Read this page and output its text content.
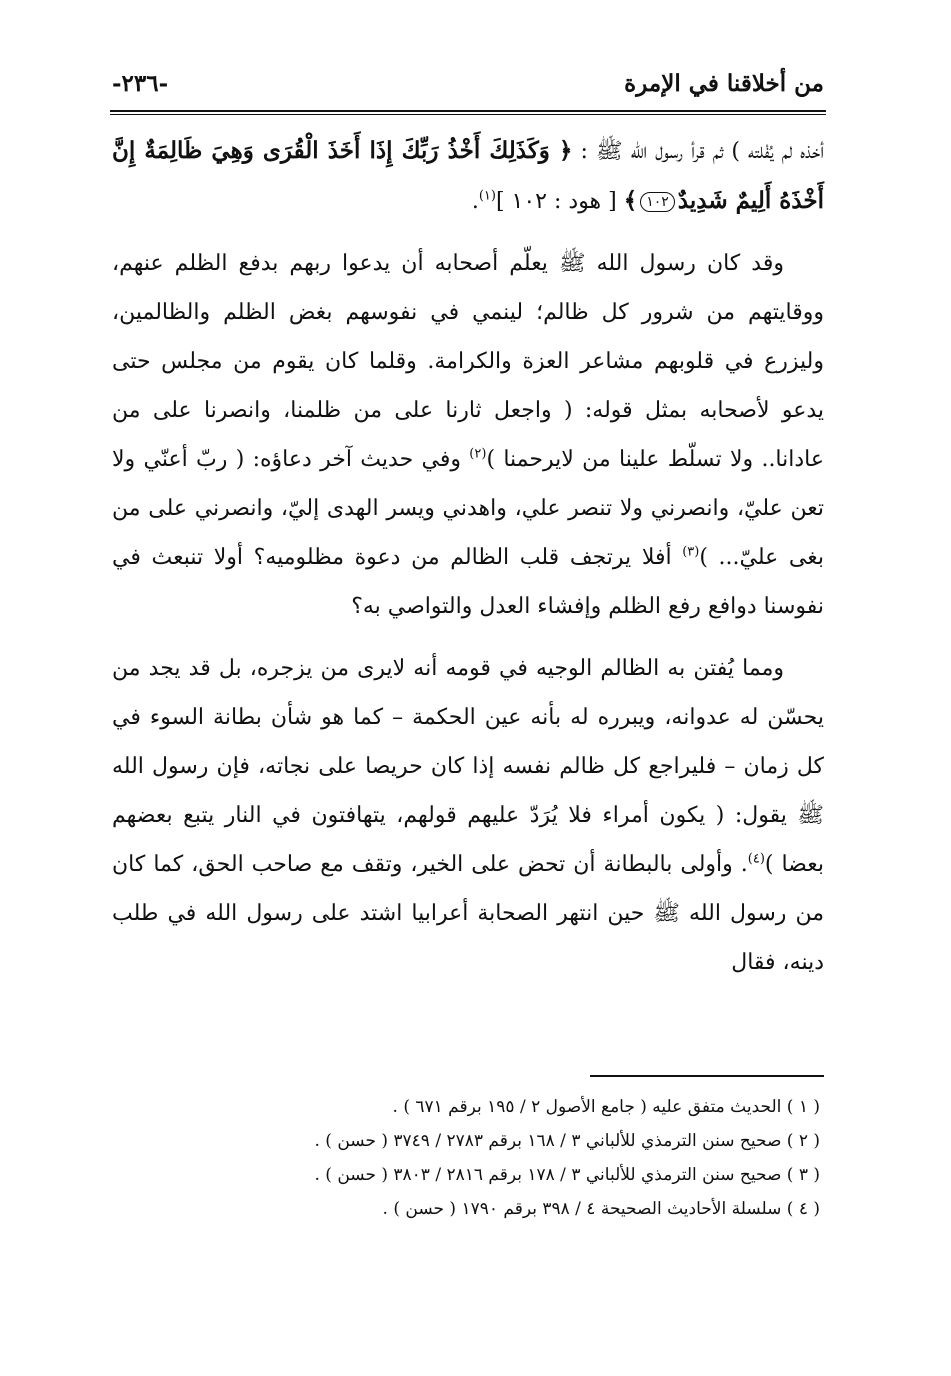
من أخلاقنا في الإمرة
-٢٣٦-

أخذه لم يُفْلته ) ثم قرأ رسول الله ﷺ : ﴿ وَكَذَلِكَ أَخْذُ رَبِّكَ إِذَا أَخَذَ الْقُرَى وَهِيَ ظَالِمَةٌ إِنَّ أَخْذَهُ أَلِيمٌ شَدِيدٌ١٠٢﴾ [ هود : ١٠٢ ]$^{(١)}$.

وقد كان رسول الله ﷺ يعلّم أصحابه أن يدعوا ربهم بدفع الظلم عنهم، ووقايتهم من شرور كل ظالم؛ لينمي في نفوسهم بغض الظلم والظالمين، وليزرع في قلوبهم مشاعر العزة والكرامة. وقلما كان يقوم من مجلس حتى يدعو لأصحابه بمثل قوله: ( واجعل ثارنا على من ظلمنا، وانصرنا على من عادانا.. ولا تسلّط علينا من لايرحمنا )$^{(٢)}$ وفي حديث آخر دعاؤه: ( ربّ أعنّي ولا تعن عليّ، وانصرني ولا تنصر علي، واهدني ويسر الهدى إليّ، وانصرني على من بغى عليّ... )$^{(٣)}$ أفلا يرتجف قلب الظالم من دعوة مظلوميه؟ أولا تنبعث في نفوسنا دوافع رفع الظلم وإفشاء العدل والتواصي به؟

ومما يُفتن به الظالم الوجيه في قومه أنه لايرى من يزجره، بل قد يجد من يحسّن له عدوانه، ويبرره له بأنه عين الحكمة – كما هو شأن بطانة السوء في كل زمان – فليراجع كل ظالم نفسه إذا كان حريصا على نجاته، فإن رسول الله ﷺ يقول: ( يكون أمراء فلا يُرَدّ عليهم قولهم، يتهافتون في النار يتبع بعضهم بعضا )$^{(٤)}$. وأولى بالبطانة أن تحض على الخير، وتقف مع صاحب الحق، كما كان من رسول الله ﷺ حين انتهر الصحابة أعرابيا اشتد على رسول الله في طلب دينه، فقال

( ١ ) الحديث متفق عليه ( جامع الأصول ٢ / ١٩٥ برقم ٦٧١ ) .

( ٢ ) صحيح سنن الترمذي للألباني ٣ / ١٦٨ برقم ٢٧٨٣ / ٣٧٤٩ ( حسن ) .

( ٣ ) صحيح سنن الترمذي للألباني ٣ / ١٧٨ برقم ٢٨١٦ / ٣٨٠٣ ( حسن ) .

( ٤ ) سلسلة الأحاديث الصحيحة ٤ / ٣٩٨ برقم ١٧٩٠ ( حسن ) .
